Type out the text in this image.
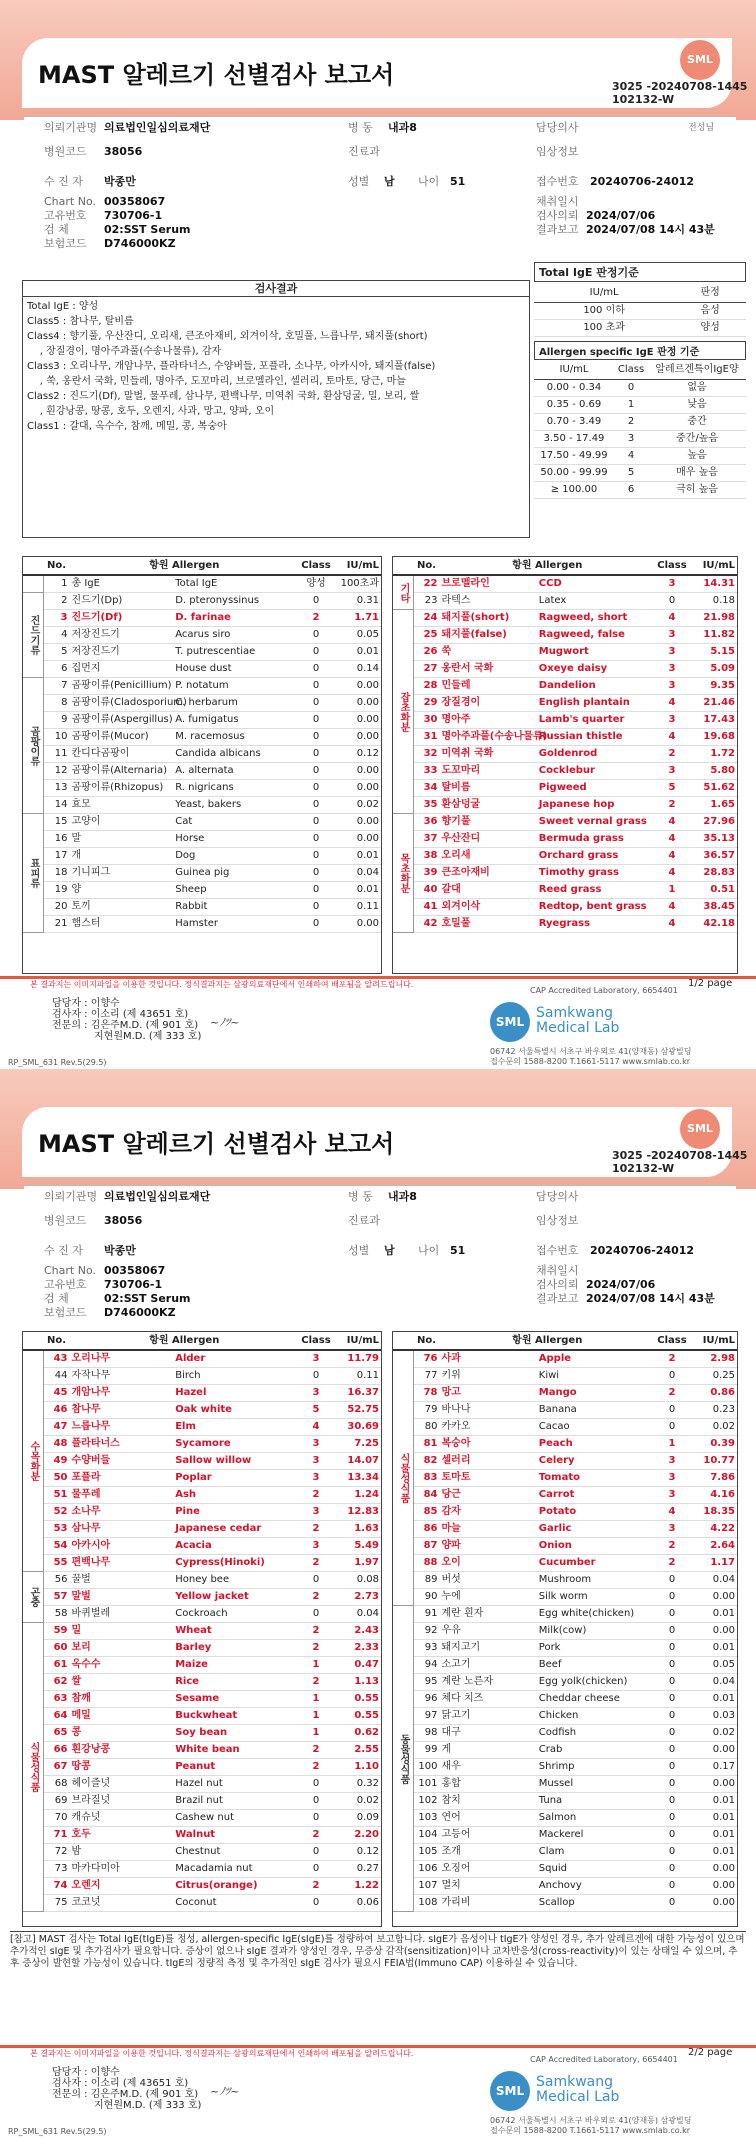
MAST 알레르기 선별검사 보고서
SML
3025 -20240708-1445
102132-W
의뢰기관명 의료법인일심의료재단	병 동 내과8	담당의사	전성님
병원코드 38056	진료과	임상정보
수 진 자 박종만	성별 남 나이 51	접수번호 20240706-24012
Chart No. 00358067
고유번호 730706-1
검 체	02:SST Serum
보험코드 D746000KZ
채취일시
검사의뢰 2024/07/06
결과보고 2024/07/08 14시 43분
검사결과
Total IgE : 양성
Class5 : 참나무, 탈비름
Class4 : 향기풀, 우산잔디, 오리새, 큰조아재비, 외겨이삭, 호밀풀, 느릅나무, 돼지풀(short)
, 장질경이, 명아주과풀(수송나물류), 감자
Class3 : 오리나무, 개암나무, 플라타너스, 수양버들, 포플라, 소나무, 아카시아, 돼지풀(false)
, 쑥, 옹란서 국화, 민들레, 명아주, 도꼬마리, 브로멜라인, 셀러리, 토마토, 당근, 마늘
Class2 : 진드기(Df), 말벌, 물푸레, 삼나무, 편백나무, 미역취 국화, 환삼덩굴, 밀, 보리, 쌀
, 흰강낭콩, 땅콩, 호두, 오렌지, 사과, 망고, 양파, 오이
Class1 : 갈대, 옥수수, 참깨, 메밀, 콩, 복숭아
Total IgE 판정기준
IU/mL	판정
100 이하	음성
100 초과	양성
Allergen specific IgE 판정 기준
IU/mL	Class	알레르겐특이IgE양
0.00 - 0.34	0	없음
0.35 - 0.69	1	낮음
0.70 - 3.49	2	중간
3.50 - 17.49	3	중간/높음
17.50 - 49.99	4	높음
50.00 - 99.99	5	매우 높음
≥ 100.00	6	극히 높음
	No.	항원 Allergen	Class	IU/mL
	1	총 IgE Total IgE	양성	100초과
진드기류	2	진드기(Dp) D. pteronyssinus	0	0.31
	3	진드기(Df) D. farinae	2	1.71
	4	저장진드기 Acarus siro	0	0.05
	5	저장진드기 T. putrescentiae	0	0.01
	6	집먼지 House dust	0	0.14
곰팡이류	7	곰팡이류(Penicillium) P. notatum	0	0.00
	8	곰팡이류(Cladosporium)C. herbarum	0	0.00
	9	곰팡이류(Aspergillus) A. fumigatus	0	0.00
	10	곰팡이류(Mucor) M. racemosus	0	0.00
	11	칸디다곰팡이 Candida albicans	0	0.12
	12	곰팡이류(Alternaria) A. alternata	0	0.00
	13	곰팡이류(Rhizopus) R. nigricans	0	0.00
	14	효모 Yeast, bakers	0	0.02
표피류	15	고양이 Cat	0	0.00
	16	말 Horse	0	0.00
	17	개 Dog	0	0.01
	18	기니피그 Guinea pig	0	0.04
	19	양 Sheep	0	0.01
	20	토끼 Rabbit	0	0.11
	21	햄스터 Hamster	0	0.00
	No.	항원 Allergen	Class	IU/mL
기타	22	브로멜라인 CCD	3	14.31
	23	라텍스 Latex	0	0.18
잡초화분	24	돼지풀(short) Ragweed, short	4	21.98
	25	돼지풀(false) Ragweed, false	3	11.82
	26	쑥 Mugwort	3	5.15
	27	옹란서 국화 Oxeye daisy	3	5.09
	28	민들레 Dandelion	3	9.35
	29	장질경이 English plantain	4	21.46
	30	명아주 Lamb's quarter	3	17.43
	31	명아주과풀(수송나물류)Russian thistle	4	19.68
	32	미역취 국화 Goldenrod	2	1.72
	33	도꼬마리 Cocklebur	3	5.80
	34	탈비름 Pigweed	5	51.62
	35	환삼덩굴 Japanese hop	2	1.65
목초화분	36	향기풀 Sweet vernal grass	4	27.96
	37	우산잔디 Bermuda grass	4	35.13
	38	오리새 Orchard grass	4	36.57
	39	큰조아재비 Timothy grass	4	28.83
	40	갈대 Reed grass	1	0.51
	41	외겨이삭 Redtop, bent grass	4	38.45
	42	호밀풀 Ryegrass	4	42.18
본 결과지는 이미지파일을 이용한 것입니다. 정식결과지는 삼광의료재단에서 인쇄하여 배포됨을 알려드립니다.
CAP Accredited Laboratory, 6654401
1/2 page
담당자 : 이향수
검사자 : 이소리 (제 43651 호)
전문의 : 김은주M.D. (제 901 호)
지현원M.D. (제 333 호)
~ﾉﾂ~	SML
Samkwang
Medical Lab
06742 서울특별시 서초구 바우뫼로 41(양재동) 삼광빌딩
접수문의 1588-8200 T.1661-5117 www.smlab.co.kr
RP_SML_631 Rev.5(29.5)
MAST 알레르기 선별검사 보고서
SML
3025 -20240708-1445
102132-W
의뢰기관명 의료법인일심의료재단	병 동 내과8	담당의사
병원코드 38056	진료과	임상정보
수 진 자 박종만	성별 남 나이 51	접수번호 20240706-24012
Chart No. 00358067
고유번호 730706-1
검 체	02:SST Serum
보험코드 D746000KZ
채취일시
검사의뢰 2024/07/06
결과보고 2024/07/08 14시 43분
	No.	항원 Allergen	Class	IU/mL
수목화분	43	오리나무 Alder	3	11.79
	44	자작나무 Birch	0	0.11
	45	개암나무 Hazel	3	16.37
	46	참나무 Oak white	5	52.75
	47	느릅나무 Elm	4	30.69
	48	플라타너스 Sycamore	3	7.25
	49	수양버들 Sallow willow	3	14.07
	50	포플라 Poplar	3	13.34
	51	물푸레 Ash	2	1.24
	52	소나무 Pine	3	12.83
	53	삼나무 Japanese cedar	2	1.63
	54	아카시아 Acacia	3	5.49
	55	편백나무 Cypress(Hinoki)	2	1.97
곤충	56	꿀벌 Honey bee	0	0.08
	57	말벌 Yellow jacket	2	2.73
	58	바퀴벌레 Cockroach	0	0.04
식물성식품	59	밀 Wheat	2	2.43
	60	보리 Barley	2	2.33
	61	옥수수 Maize	1	0.47
	62	쌀 Rice	2	1.13
	63	참깨 Sesame	1	0.55
	64	메밀 Buckwheat	1	0.55
	65	콩 Soy bean	1	0.62
	66	흰강낭콩 White bean	2	2.55
	67	땅콩 Peanut	2	1.10
	68	헤이즐넛 Hazel nut	0	0.32
	69	브라질넛 Brazil nut	0	0.02
	70	캐슈넛 Cashew nut	0	0.09
	71	호두 Walnut	2	2.20
	72	밤 Chestnut	0	0.12
	73	마카다미아 Macadamia nut	0	0.27
	74	오렌지 Citrus(orange)	2	1.22
	75	코코넛 Coconut	0	0.06
	No.	항원 Allergen	Class	IU/mL
식물성식품	76	사과 Apple	2	2.98
	77	키위 Kiwi	0	0.25
	78	망고 Mango	2	0.86
	79	바나나 Banana	0	0.23
	80	카카오 Cacao	0	0.02
	81	복숭아 Peach	1	0.39
	82	셀러리 Celery	3	10.77
	83	토마토 Tomato	3	7.86
	84	당근 Carrot	3	4.16
	85	감자 Potato	4	18.35
	86	마늘 Garlic	3	4.22
	87	양파 Onion	2	2.64
	88	오이 Cucumber	2	1.17
	89	버섯 Mushroom	0	0.04
	90	누에 Silk worm	0	0.00
동물성식품	91	계란 흰자 Egg white(chicken)	0	0.01
	92	우유 Milk(cow)	0	0.00
	93	돼지고기 Pork	0	0.01
	94	소고기 Beef	0	0.05
	95	계란 노른자 Egg yolk(chicken)	0	0.04
	96	체다 치즈 Cheddar cheese	0	0.01
	97	닭고기 Chicken	0	0.03
	98	대구 Codfish	0	0.02
	99	게 Crab	0	0.00
	100	새우 Shrimp	0	0.17
	101	홍합 Mussel	0	0.00
	102	참치 Tuna	0	0.01
	103	연어 Salmon	0	0.01
	104	고등어 Mackerel	0	0.01
	105	조개 Clam	0	0.01
	106	오징어 Squid	0	0.00
	107	멸치 Anchovy	0	0.00
	108	가리비 Scallop	0	0.00
[참고] MAST 검사는 Total IgE(tIgE)를 정성, allergen-specific IgE(sIgE)를 정량하여 보고합니다. sIgE가 음성이나 tIgE가 양성인 경우, 추가 알레르겐에 대한 가능성이 있으며 추가적인 sIgE 및 추가검사가 필요합니다. 증상이 없으나 sIgE 결과가 양성인 경우, 무증상 감작(sensitization)이나 교차반응성(cross-reactivity)이 있는 상태일 수 있으며, 추후 증상이 발현할 가능성이 있습니다. tIgE의 정량적 측정 및 추가적인 sIgE 검사가 필요시 FEIA법(Immuno CAP) 이용하실 수 있습니다.
본 결과지는 이미지파일을 이용한 것입니다. 정식결과지는 삼광의료재단에서 인쇄하여 배포됨을 알려드립니다.
CAP Accredited Laboratory, 6654401
2/2 page
담당자 : 이향수
검사자 : 이소리 (제 43651 호)
전문의 : 김은주M.D. (제 901 호)
지현원M.D. (제 333 호)
~ﾉﾂ~	SML
Samkwang
Medical Lab
06742 서울특별시 서초구 바우뫼로 41(양재동) 삼광빌딩
접수문의 1588-8200 T.1661-5117 www.smlab.co.kr
RP_SML_631 Rev.5(29.5)
